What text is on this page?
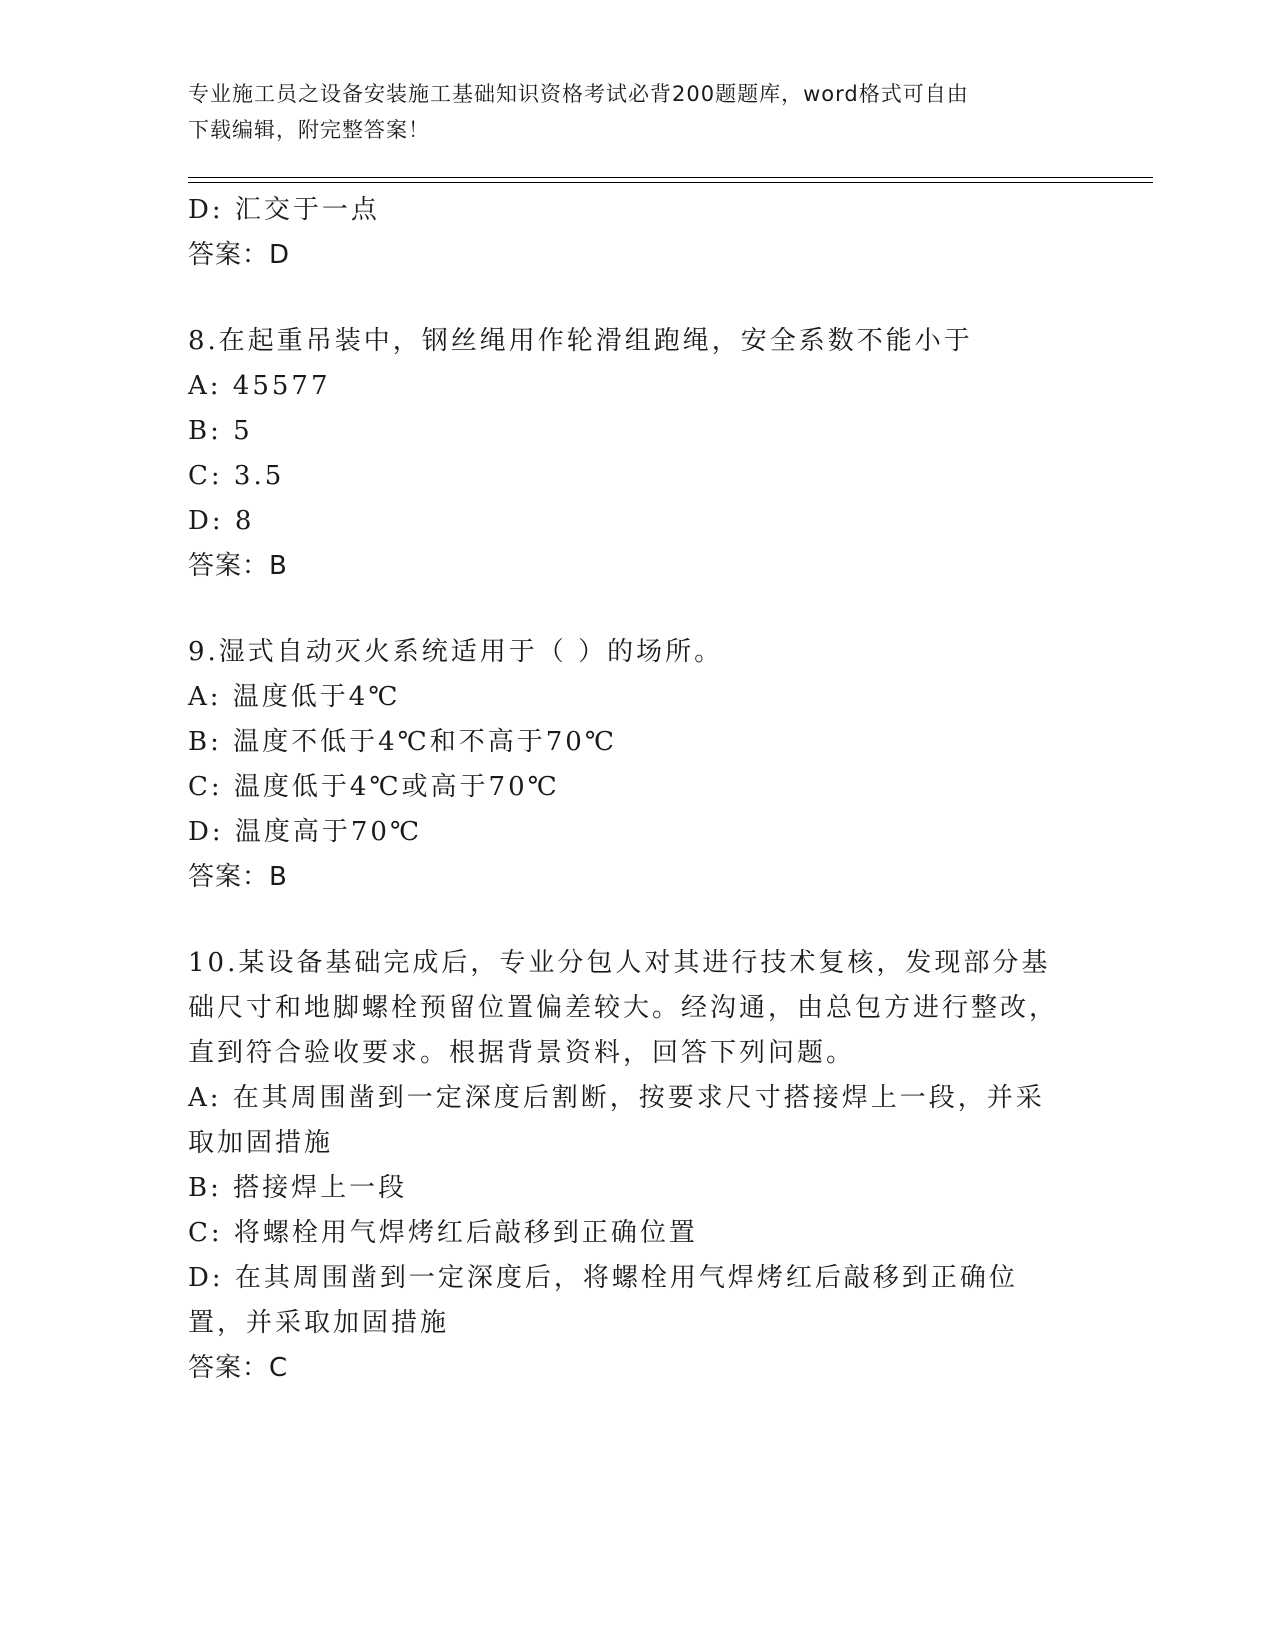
专业施工员之设备安装施工基础知识资格考试必背200题题库，word格式可自由
下载编辑，附完整答案！

D: 汇交于一点

答案：D

8.在起重吊装中，钢丝绳用作轮滑组跑绳，安全系数不能小于

A: 45577

B: 5

C: 3.5

D: 8

答案：B

9.湿式自动灭火系统适用于（ ）的场所。

A: 温度低于4℃

B: 温度不低于4℃和不高于70℃

C: 温度低于4℃或高于70℃

D: 温度高于70℃

答案：B

10.某设备基础完成后，专业分包人对其进行技术复核，发现部分基础尺寸和地脚螺栓预留位置偏差较大。经沟通，由总包方进行整改，直到符合验收要求。根据背景资料，回答下列问题。

A: 在其周围凿到一定深度后割断，按要求尺寸搭接焊上一段，并采取加固措施

B: 搭接焊上一段

C: 将螺栓用气焊烤红后敲移到正确位置

D: 在其周围凿到一定深度后，将螺栓用气焊烤红后敲移到正确位置，并采取加固措施

答案：C
